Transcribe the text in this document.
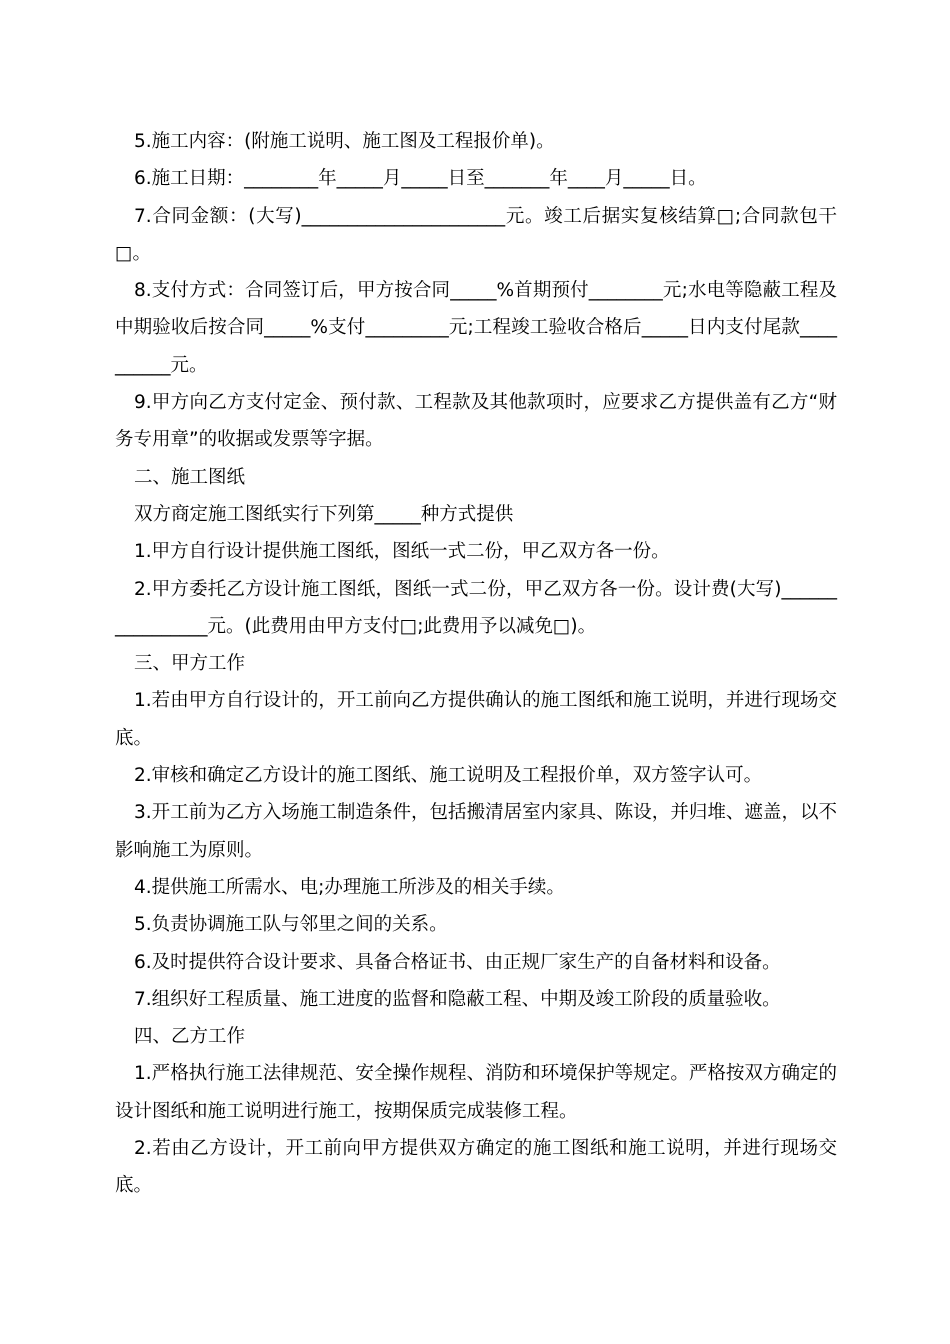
5.施工内容：(附施工说明、施工图及工程报价单)。

6.施工日期：________年_____月_____日至_______年____月_____日。

7.合同金额：(大写)______________________元。竣工后据实复核结算□;合同款包干□。

8.支付方式：合同签订后，甲方按合同_____%首期预付________元;水电等隐蔽工程及中期验收后按合同_____%支付_________元;工程竣工验收合格后_____日内支付尾款__________元。

9.甲方向乙方支付定金、预付款、工程款及其他款项时，应要求乙方提供盖有乙方“财务专用章”的收据或发票等字据。

二、施工图纸

双方商定施工图纸实行下列第_____种方式提供

1.甲方自行设计提供施工图纸，图纸一式二份，甲乙双方各一份。

2.甲方委托乙方设计施工图纸，图纸一式二份，甲乙双方各一份。设计费(大写)________________元。(此费用由甲方支付□;此费用予以减免□)。

三、甲方工作

1.若由甲方自行设计的，开工前向乙方提供确认的施工图纸和施工说明，并进行现场交底。

2.审核和确定乙方设计的施工图纸、施工说明及工程报价单，双方签字认可。

3.开工前为乙方入场施工制造条件，包括搬清居室内家具、陈设，并归堆、遮盖，以不影响施工为原则。

4.提供施工所需水、电;办理施工所涉及的相关手续。

5.负责协调施工队与邻里之间的关系。

6.及时提供符合设计要求、具备合格证书、由正规厂家生产的自备材料和设备。

7.组织好工程质量、施工进度的监督和隐蔽工程、中期及竣工阶段的质量验收。

四、乙方工作

1.严格执行施工法律规范、安全操作规程、消防和环境保护等规定。严格按双方确定的设计图纸和施工说明进行施工，按期保质完成装修工程。

2.若由乙方设计，开工前向甲方提供双方确定的施工图纸和施工说明，并进行现场交底。
